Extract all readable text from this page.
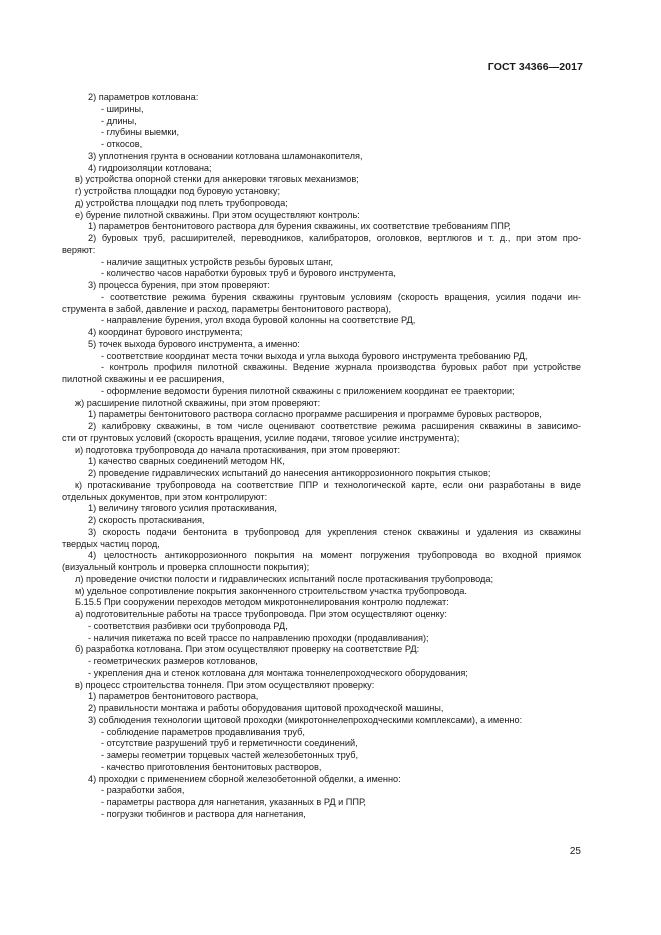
ГОСТ 34366—2017
2) параметров котлована:
- ширины,
- длины,
- глубины выемки,
- откосов,
3) уплотнения грунта в основании котлована шламонакопителя,
4) гидроизоляции котлована;
в) устройства опорной стенки для анкеровки тяговых механизмов;
г) устройства площадки под буровую установку;
д) устройства площадки под плеть трубопровода;
е) бурение пилотной скважины. При этом осуществляют контроль:
1) параметров бентонитового раствора для бурения скважины, их соответствие требованиям ППР,
2) буровых труб, расширителей, переводников, калибраторов, оголовков, вертлюгов и т. д., при этом про-
веряют:
- наличие защитных устройств резьбы буровых штанг,
- количество часов наработки буровых труб и бурового инструмента,
3) процесса бурения, при этом проверяют:
- соответствие режима бурения скважины грунтовым условиям (скорость вращения, усилия подачи ин-
струмента в забой, давление и расход, параметры бентонитового раствора),
- направление бурения, угол входа буровой колонны на соответствие РД,
4) координат бурового инструмента;
5) точек выхода бурового инструмента, а именно:
- соответствие координат места точки выхода и угла выхода бурового инструмента требованию РД,
- контроль профиля пилотной скважины. Ведение журнала производства буровых работ при устройстве
пилотной скважины и ее расширения,
- оформление ведомости бурения пилотной скважины с приложением координат ее траектории;
ж) расширение пилотной скважины, при этом проверяют:
1) параметры бентонитового раствора согласно программе расширения и программе буровых растворов,
2) калибровку скважины, в том числе оценивают соответствие режима расширения скважины в зависимо-
сти от грунтовых условий (скорость вращения, усилие подачи, тяговое усилие инструмента);
и) подготовка трубопровода до начала протаскивания, при этом проверяют:
1) качество сварных соединений методом НК,
2) проведение гидравлических испытаний до нанесения антикоррозионного покрытия стыков;
к) протаскивание трубопровода на соответствие ППР и технологической карте, если они разработаны в виде
отдельных документов, при этом контролируют:
1) величину тягового усилия протаскивания,
2) скорость протаскивания,
3) скорость подачи бентонита в трубопровод для укрепления стенок скважины и удаления из скважины
твердых частиц пород,
4) целостность антикоррозионного покрытия на момент погружения трубопровода во входной приямок
(визуальный контроль и проверка сплошности покрытия);
л) проведение очистки полости и гидравлических испытаний после протаскивания трубопровода;
м) удельное сопротивление покрытия законченного строительством участка трубопровода.
Б.15.5 При сооружении переходов методом микротоннелирования контролю подлежат:
а) подготовительные работы на трассе трубопровода. При этом осуществляют оценку:
- соответствия разбивки оси трубопровода РД,
- наличия пикетажа по всей трассе по направлению проходки (продавливания);
б) разработка котлована. При этом осуществляют проверку на соответствие РД:
- геометрических размеров котлованов,
- укрепления дна и стенок котлована для монтажа тоннелепроходческого оборудования;
в) процесс строительства тоннеля. При этом осуществляют проверку:
1) параметров бентонитового раствора,
2) правильности монтажа и работы оборудования щитовой проходческой машины,
3) соблюдения технологии щитовой проходки (микротоннелепроходческими комплексами), а именно:
- соблюдение параметров продавливания труб,
- отсутствие разрушений труб и герметичности соединений,
- замеры геометрии торцевых частей железобетонных труб,
- качество приготовления бентонитовых растворов,
4) проходки с применением сборной железобетонной обделки, а именно:
- разработки забоя,
- параметры раствора для нагнетания, указанных в РД и ППР,
- погрузки тюбингов и раствора для нагнетания,
25
